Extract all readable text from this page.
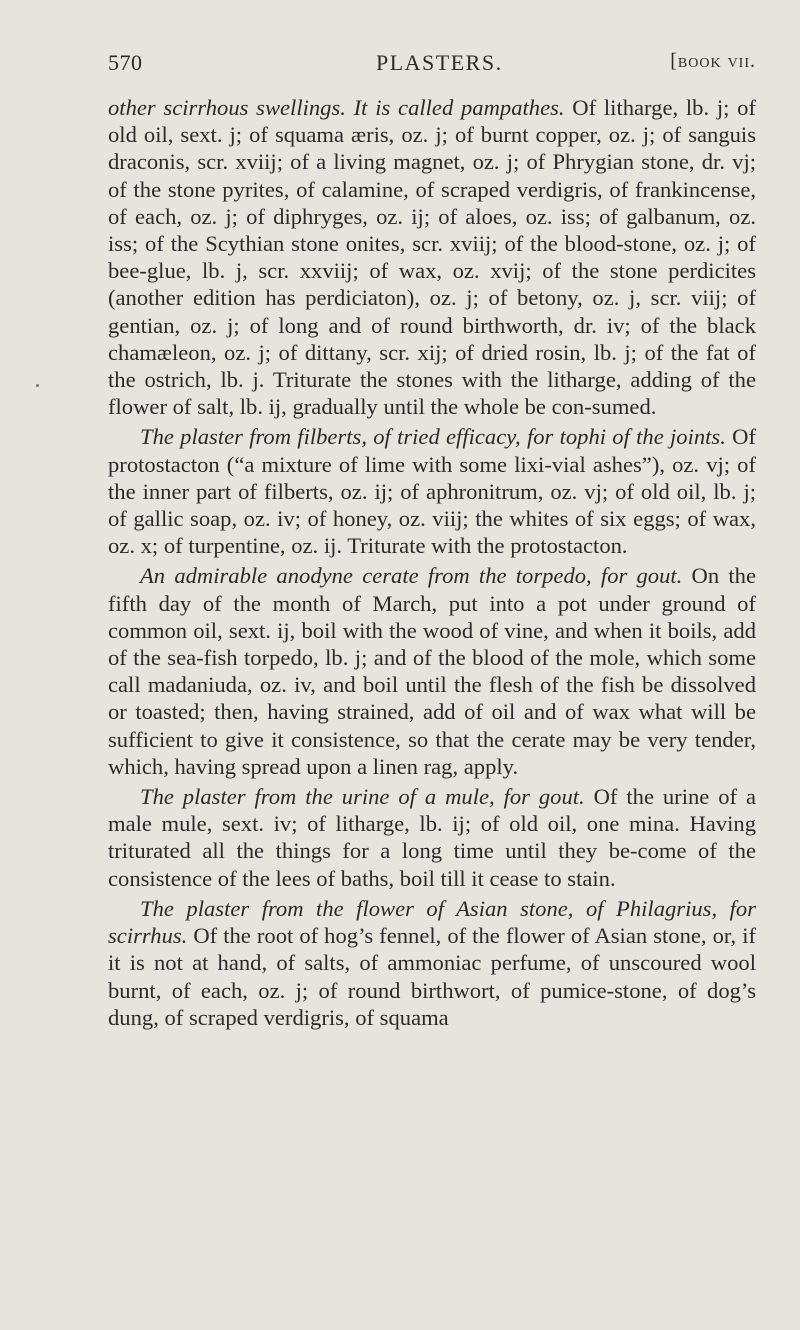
570	PLASTERS.	[book vii.

other scirrhous swellings. It is called pampathes. Of litharge, lb. j; of old oil, sext. j; of squama æris, oz. j; of burnt copper, oz. j; of sanguis draconis, scr. xviij; of a living magnet, oz. j; of Phrygian stone, dr. vj; of the stone pyrites, of calamine, of scraped verdigris, of frankincense, of each, oz. j; of diphryges, oz. ij; of aloes, oz. iss; of galbanum, oz. iss; of the Scythian stone onites, scr. xviij; of the blood-stone, oz. j; of bee-glue, lb. j, scr. xxviij; of wax, oz. xvij; of the stone perdicites (another edition has perdiciaton), oz. j; of betony, oz. j, scr. viij; of gentian, oz. j; of long and of round birthworth, dr. iv; of the black chamæleon, oz. j; of dittany, scr. xij; of dried rosin, lb. j; of the fat of the ostrich, lb. j. Triturate the stones with the litharge, adding of the flower of salt, lb. ij, gradually until the whole be con-sumed.

The plaster from filberts, of tried efficacy, for tophi of the joints. Of protostacton (“a mixture of lime with some lixi-vial ashes”), oz. vj; of the inner part of filberts, oz. ij; of aphronitrum, oz. vj; of old oil, lb. j; of gallic soap, oz. iv; of honey, oz. viij; the whites of six eggs; of wax, oz. x; of turpentine, oz. ij. Triturate with the protostacton.

An admirable anodyne cerate from the torpedo, for gout. On the fifth day of the month of March, put into a pot under ground of common oil, sext. ij, boil with the wood of vine, and when it boils, add of the sea-fish torpedo, lb. j; and of the blood of the mole, which some call madaniuda, oz. iv, and boil until the flesh of the fish be dissolved or toasted; then, having strained, add of oil and of wax what will be sufficient to give it consistence, so that the cerate may be very tender, which, having spread upon a linen rag, apply.

The plaster from the urine of a mule, for gout. Of the urine of a male mule, sext. iv; of litharge, lb. ij; of old oil, one mina. Having triturated all the things for a long time until they be-come of the consistence of the lees of baths, boil till it cease to stain.

The plaster from the flower of Asian stone, of Philagrius, for scirrhus. Of the root of hog’s fennel, of the flower of Asian stone, or, if it is not at hand, of salts, of ammoniac perfume, of unscoured wool burnt, of each, oz. j; of round birthwort, of pumice-stone, of dog’s dung, of scraped verdigris, of squama
